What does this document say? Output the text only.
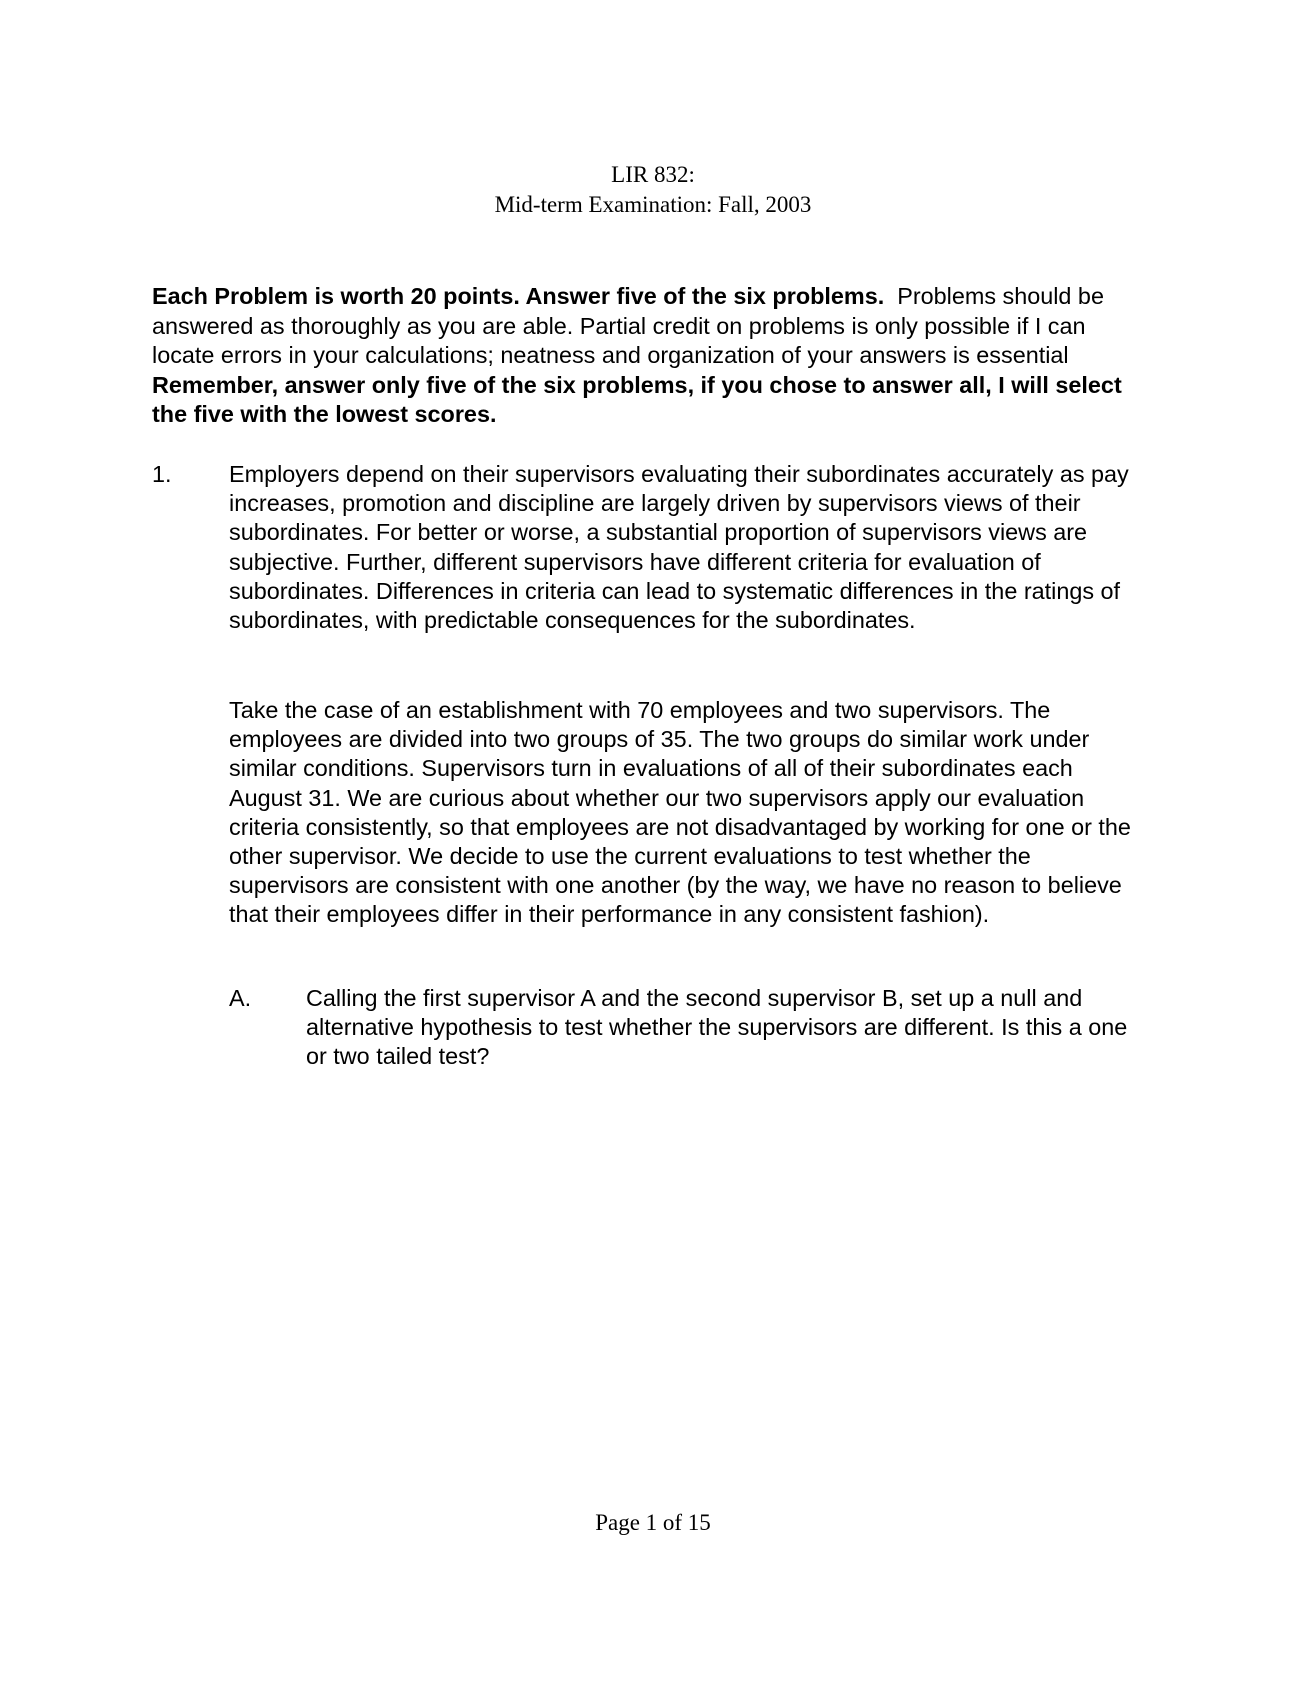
LIR 832:
Mid-term Examination: Fall, 2003
Each Problem is worth 20 points. Answer five of the six problems. Problems should be answered as thoroughly as you are able. Partial credit on problems is only possible if I can locate errors in your calculations; neatness and organization of your answers is essential Remember, answer only five of the six problems, if you chose to answer all, I will select the five with the lowest scores.
1. Employers depend on their supervisors evaluating their subordinates accurately as pay increases, promotion and discipline are largely driven by supervisors views of their subordinates. For better or worse, a substantial proportion of supervisors views are subjective. Further, different supervisors have different criteria for evaluation of subordinates. Differences in criteria can lead to systematic differences in the ratings of subordinates, with predictable consequences for the subordinates.

Take the case of an establishment with 70 employees and two supervisors. The employees are divided into two groups of 35. The two groups do similar work under similar conditions. Supervisors turn in evaluations of all of their subordinates each August 31. We are curious about whether our two supervisors apply our evaluation criteria consistently, so that employees are not disadvantaged by working for one or the other supervisor. We decide to use the current evaluations to test whether the supervisors are consistent with one another (by the way, we have no reason to believe that their employees differ in their performance in any consistent fashion).

A. Calling the first supervisor A and the second supervisor B, set up a null and alternative hypothesis to test whether the supervisors are different. Is this a one or two tailed test?
Page 1 of 15
